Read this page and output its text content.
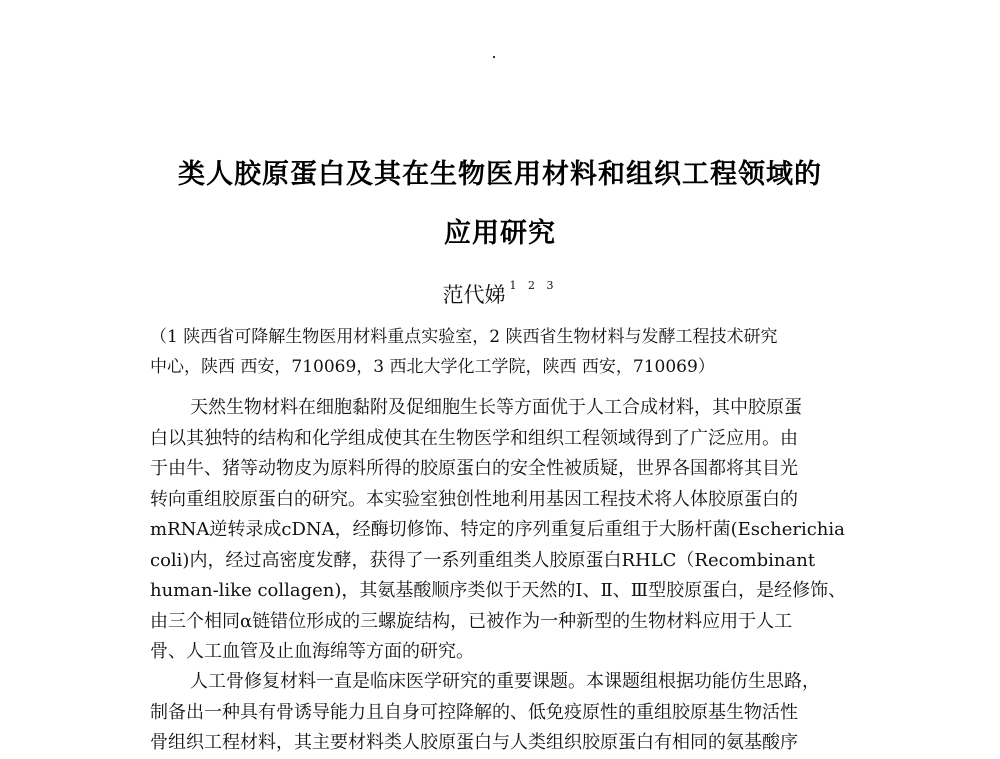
类人胶原蛋白及其在生物医用材料和组织工程领域的
应用研究
范代娣 $^{1 2 3}$
（1 陕西省可降解生物医用材料重点实验室，2 陕西省生物材料与发酵工程技术研究
中心，陕西 西安，710069，3 西北大学化工学院，陕西 西安，710069）
天然生物材料在细胞黏附及促细胞生长等方面优于人工合成材料，其中胶原蛋
白以其独特的结构和化学组成使其在生物医学和组织工程领域得到了广泛应用。由
于由牛、猪等动物皮为原料所得的胶原蛋白的安全性被质疑，世界各国都将其目光
转向重组胶原蛋白的研究。本实验室独创性地利用基因工程技术将人体胶原蛋白的
mRNA逆转录成cDNA，经酶切修饰、特定的序列重复后重组于大肠杆菌(Escherichia
coli)内，经过高密度发酵，获得了一系列重组类人胶原蛋白RHLC（Recombinant
human-like collagen)，其氨基酸顺序类似于天然的Ⅰ、Ⅱ、Ⅲ型胶原蛋白，是经修饰、
由三个相同α链错位形成的三螺旋结构，已被作为一种新型的生物材料应用于人工
骨、人工血管及止血海绵等方面的研究。
人工骨修复材料一直是临床医学研究的重要课题。本课题组根据功能仿生思路，
制备出一种具有骨诱导能力且自身可控降解的、低免疫原性的重组胶原基生物活性
骨组织工程材料，其主要材料类人胶原蛋白与人类组织胶原蛋白有相同的氨基酸序
